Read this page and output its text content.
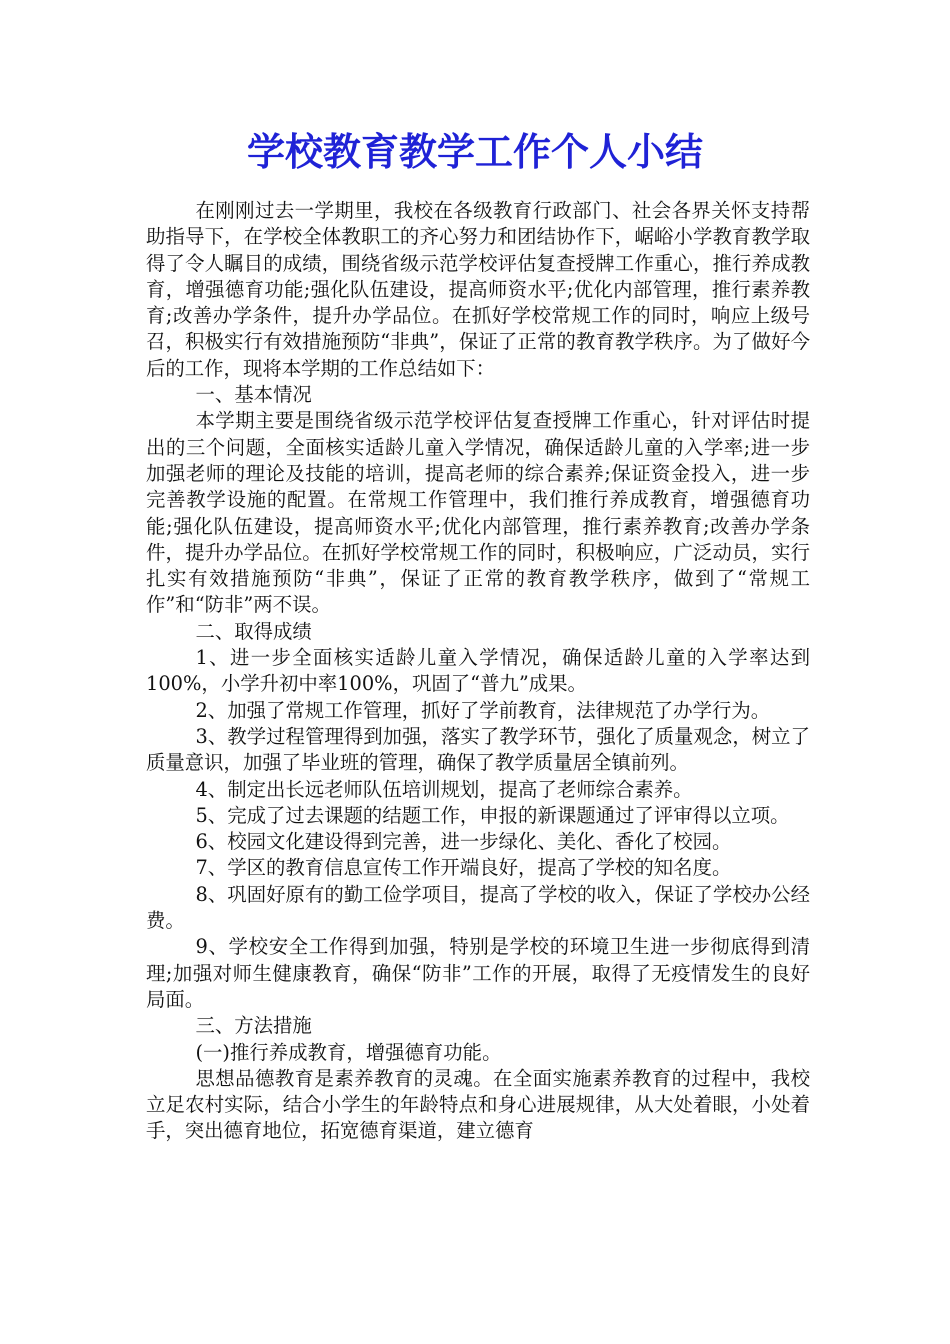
学校教育教学工作个人小结

在刚刚过去一学期里，我校在各级教育行政部门、社会各界关怀支持帮助指导下，在学校全体教职工的齐心努力和团结协作下，崌峪小学教育教学取得了令人瞩目的成绩，围绕省级示范学校评估复查授牌工作重心，推行养成教育，增强德育功能;强化队伍建设，提高师资水平;优化内部管理，推行素养教育;改善办学条件，提升办学品位。在抓好学校常规工作的同时，响应上级号召，积极实行有效措施预防“非典”，保证了正常的教育教学秩序。为了做好今后的工作，现将本学期的工作总结如下：

一、基本情况

本学期主要是围绕省级示范学校评估复查授牌工作重心，针对评估时提出的三个问题，全面核实适龄儿童入学情况，确保适龄儿童的入学率;进一步加强老师的理论及技能的培训，提高老师的综合素养;保证资金投入，进一步完善教学设施的配置。在常规工作管理中，我们推行养成教育，增强德育功能;强化队伍建设，提高师资水平;优化内部管理，推行素养教育;改善办学条件，提升办学品位。在抓好学校常规工作的同时，积极响应，广泛动员，实行扎实有效措施预防“非典”，保证了正常的教育教学秩序，做到了“常规工作”和“防非”两不误。

二、取得成绩

1、进一步全面核实适龄儿童入学情况，确保适龄儿童的入学率达到100%，小学升初中率100%，巩固了“普九”成果。

2、加强了常规工作管理，抓好了学前教育，法律规范了办学行为。

3、教学过程管理得到加强，落实了教学环节，强化了质量观念，树立了质量意识，加强了毕业班的管理，确保了教学质量居全镇前列。

4、制定出长远老师队伍培训规划，提高了老师综合素养。

5、完成了过去课题的结题工作，申报的新课题通过了评审得以立项。

6、校园文化建设得到完善，进一步绿化、美化、香化了校园。

7、学区的教育信息宣传工作开端良好，提高了学校的知名度。

8、巩固好原有的勤工俭学项目，提高了学校的收入，保证了学校办公经费。

9、学校安全工作得到加强，特别是学校的环境卫生进一步彻底得到清理;加强对师生健康教育，确保“防非”工作的开展，取得了无疫情发生的良好局面。

三、方法措施

(一)推行养成教育，增强德育功能。

思想品德教育是素养教育的灵魂。在全面实施素养教育的过程中，我校立足农村实际，结合小学生的年龄特点和身心进展规律，从大处着眼，小处着手，突出德育地位，拓宽德育渠道，建立德育
